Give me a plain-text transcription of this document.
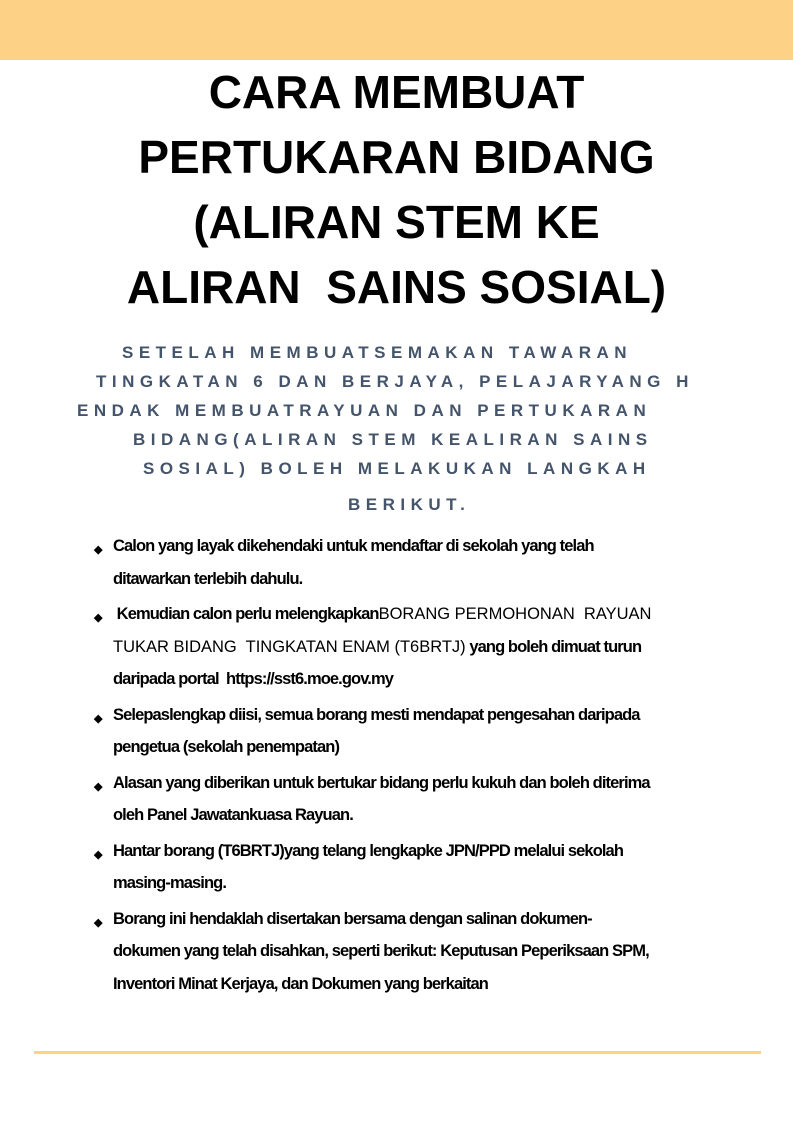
CARA MEMBUAT
PERTUKARAN BIDANG
(ALIRAN STEM KE
ALIRAN  SAINS SOSIAL)
SETELAH MEMBUATSEMAKAN TAWARAN
TINGKATAN 6 DAN BERJAYA, PELAJARYANG H
ENDAK MEMBUATRAYUAN DAN PERTUKARAN
BIDANG(ALIRAN STEM KEALIRAN SAINS
SOSIAL) BOLEH MELAKUKAN LANGKAH
BERIKUT.
◆ Calon yang layak dikehendaki untuk mendaftar di sekolah yang telah
ditawarkan terlebih dahulu.
◆ Kemudian calon perlu melengkapkanBORANG PERMOHONAN  RAYUAN
TUKAR BIDANG  TINGKATAN ENAM (T6BRTJ) yang boleh dimuat turun
daripada portal  https://sst6.moe.gov.my
◆ Selepaslengkap diisi, semua borang mesti mendapat pengesahan daripada
pengetua (sekolah penempatan)
◆ Alasan yang diberikan untuk bertukar bidang perlu kukuh dan boleh diterima
oleh Panel Jawatankuasa Rayuan.
◆ Hantar borang (T6BRTJ)yang telang lengkapke JPN/PPD melalui sekolah
masing-masing.
◆ Borang ini hendaklah disertakan bersama dengan salinan dokumen-
dokumen yang telah disahkan, seperti berikut: Keputusan Peperiksaan SPM,
Inventori Minat Kerjaya, dan Dokumen yang berkaitan
